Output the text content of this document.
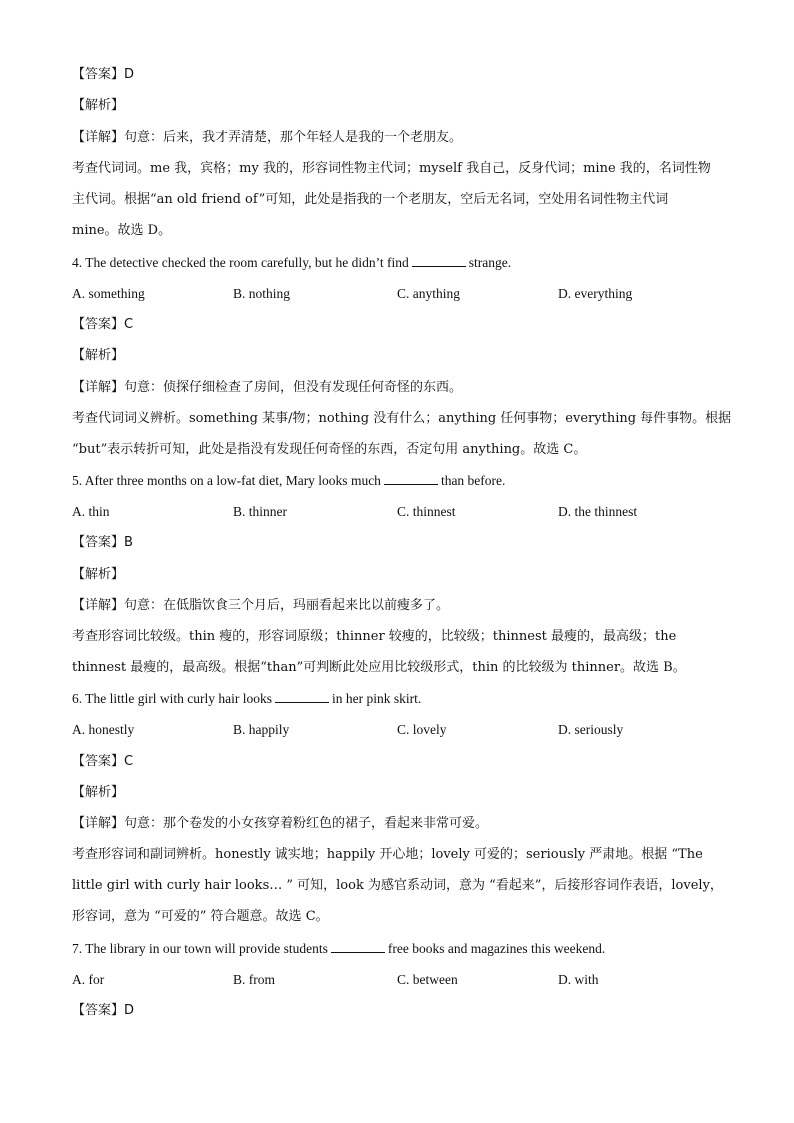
【答案】D
【解析】
【详解】句意：后来，我才弄清楚，那个年轻人是我的一个老朋友。
考查代词词。me 我，宾格；my 我的，形容词性物主代词；myself 我自己，反身代词；mine 我的，名词性物
主代词。根据“an old friend of”可知，此处是指我的一个老朋友，空后无名词，空处用名词性物主代词
mine。故选 D。
4. The detective checked the room carefully, but he didn’t find	strange.
A. something	B. nothing	C. anything	D. everything
【答案】C
【解析】
【详解】句意：侦探仔细检查了房间，但没有发现任何奇怪的东西。
考查代词词义辨析。something 某事/物；nothing 没有什么；anything 任何事物；everything 每件事物。根据
“but”表示转折可知，此处是指没有发现任何奇怪的东西，否定句用 anything。故选 C。
5. After three months on a low-fat diet, Mary looks much	than before.
A. thin	B. thinner	C. thinnest	D. the thinnest
【答案】B
【解析】
【详解】句意：在低脂饮食三个月后，玛丽看起来比以前瘦多了。
考查形容词比较级。thin 瘦的，形容词原级；thinner 较瘦的，比较级；thinnest 最瘦的，最高级；the
thinnest 最瘦的，最高级。根据“than”可判断此处应用比较级形式，thin 的比较级为 thinner。故选 B。
6. The little girl with curly hair looks	in her pink skirt.
A. honestly	B. happily	C. lovely	D. seriously
【答案】C
【解析】
【详解】句意：那个卷发的小女孩穿着粉红色的裙子，看起来非常可爱。
考查形容词和副词辨析。honestly 诚实地；happily 开心地；lovely 可爱的；seriously 严肃地。根据 “The
little girl with curly hair looks… ” 可知，look 为感官系动词，意为 “看起来”，后接形容词作表语，lovely，
形容词，意为 “可爱的” 符合题意。故选 C。
7. The library in our town will provide students	free books and magazines this weekend.
A. for	B. from	C. between	D. with
【答案】D
